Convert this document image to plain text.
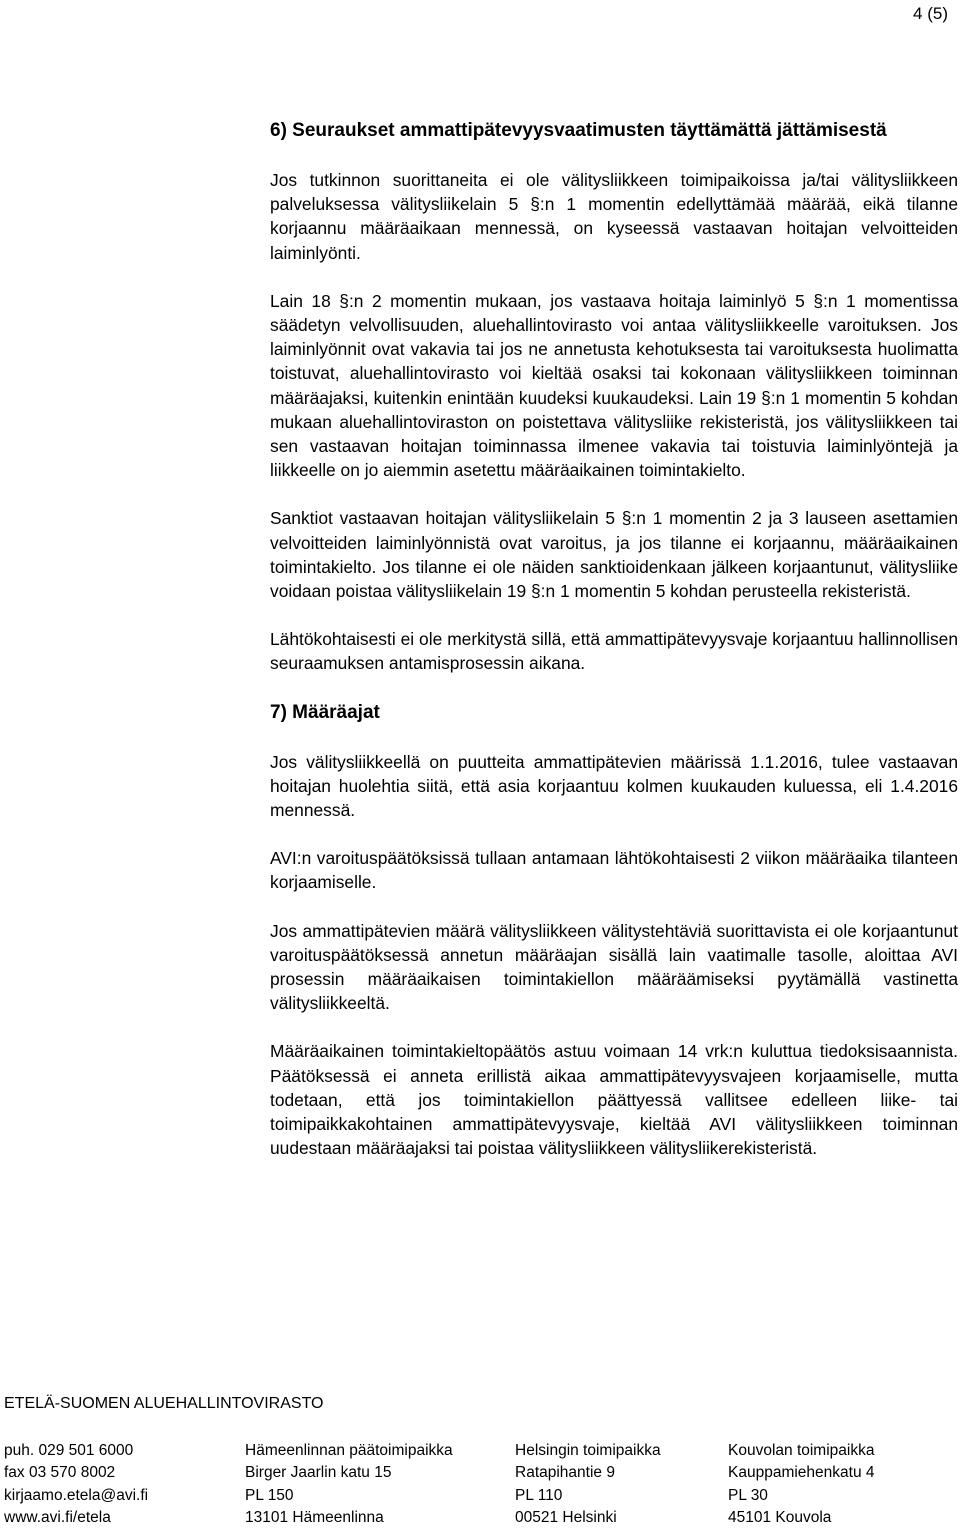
4 (5)
6) Seuraukset ammattipätevyysvaatimusten täyttämättä jättämisestä

Jos tutkinnon suorittaneita ei ole välitysliikkeen toimipaikoissa ja/tai välitysliikkeen palveluksessa välitysliikelain 5 §:n 1 momentin edellyttämää määrää, eikä tilanne korjaannu määräaikaan mennessä, on kyseessä vastaavan hoitajan velvoitteiden laiminlyönti.

Lain 18 §:n 2 momentin mukaan, jos vastaava hoitaja laiminlyö 5 §:n 1 momentissa säädetyn velvollisuuden, aluehallintovirasto voi antaa välitysliikkeelle varoituksen. Jos laiminlyönnit ovat vakavia tai jos ne annetusta kehotuksesta tai varoituksesta huolimatta toistuvat, aluehallintovirasto voi kieltää osaksi tai kokonaan välitysliikkeen toiminnan määräajaksi, kuitenkin enintään kuudeksi kuukaudeksi. Lain 19 §:n 1 momentin 5 kohdan mukaan aluehallintoviraston on poistettava välitysliike rekisteristä, jos välitysliikkeen tai sen vastaavan hoitajan toiminnassa ilmenee vakavia tai toistuvia laiminlyöntejä ja liikkeelle on jo aiemmin asetettu määräaikainen toimintakielto.

Sanktiot vastaavan hoitajan välitysliikelain 5 §:n 1 momentin 2 ja 3 lauseen asettamien velvoitteiden laiminlyönnistä ovat varoitus, ja jos tilanne ei korjaannu, määräaikainen toimintakielto. Jos tilanne ei ole näiden sanktioidenkaan jälkeen korjaantunut, välitysliike voidaan poistaa välitysliikelain 19 §:n 1 momentin 5 kohdan perusteella rekisteristä.

Lähtökohtaisesti ei ole merkitystä sillä, että ammattipätevyysvaje korjaantuu hallinnollisen seuraamuksen antamisprosessin aikana.

7) Määräajat

Jos välitysliikkeellä on puutteita ammattipätevien määrissä 1.1.2016, tulee vastaavan hoitajan huolehtia siitä, että asia korjaantuu kolmen kuukauden kuluessa, eli 1.4.2016 mennessä.

AVI:n varoituspäätöksissä tullaan antamaan lähtökohtaisesti 2 viikon määräaika tilanteen korjaamiselle.

Jos ammattipätevien määrä välitysliikkeen välitystehtäviä suorittavista ei ole korjaantunut varoituspäätöksessä annetun määräajan sisällä lain vaatimalle tasolle, aloittaa AVI prosessin määräaikaisen toimintakiellon määräämiseksi pyytämällä vastinetta välitysliikkeeltä.

Määräaikainen toimintakieltopäätös astuu voimaan 14 vrk:n kuluttua tiedoksisaannista. Päätöksessä ei anneta erillistä aikaa ammattipätevyysvajeen korjaamiselle, mutta todetaan, että jos toimintakiellon päättyessä vallitsee edelleen liike- tai toimipaikkakohtainen ammattipätevyysvaje, kieltää AVI välitysliikkeen toiminnan uudestaan määräajaksi tai poistaa välitysliikkeen välitysliikerekisteristä.

ETELÄ-SUOMEN ALUEHALLINTOVIRASTO
puh. 029 501 6000
fax 03 570 8002
kirjaamo.etela@avi.fi
www.avi.fi/etela
Hämeenlinnan päätoimipaikka
Birger Jaarlin katu 15
PL 150
13101 Hämeenlinna
Helsingin toimipaikka
Ratapihantie 9
PL 110
00521 Helsinki
Kouvolan toimipaikka
Kauppamiehenkatu 4
PL 30
45101 Kouvola
